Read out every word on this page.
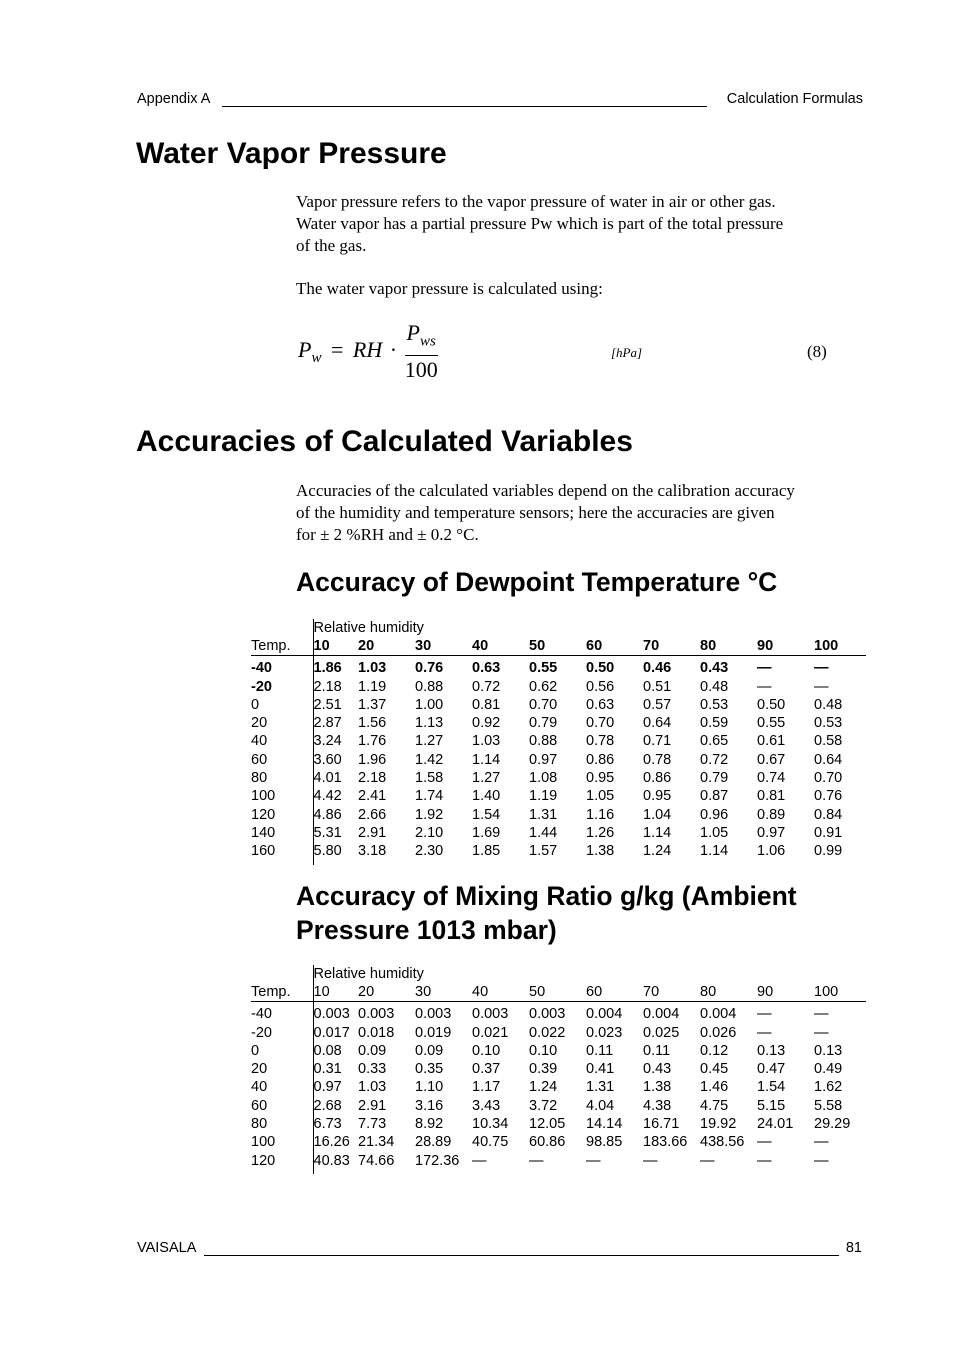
Appendix A	Calculation Formulas
Water Vapor Pressure

Vapor pressure refers to the vapor pressure of water in air or other gas.
Water vapor has a partial pressure Pw which is part of the total pressure
of the gas.

The water vapor pressure is calculated using:

$P_w$ = RH · $\frac{P_{ws}}{100}$	[hPa]	(8)
Accuracies of Calculated Variables

Accuracies of the calculated variables depend on the calibration accuracy
of the humidity and temperature sensors; here the accuracies are given
for ± 2 %RH and ± 0.2 °C.

Accuracy of Dewpoint Temperature °C
	Relative humidity									
Temp.	10	20	30	40	50	60	70	80	90	100
-40	1.86	1.03	0.76	0.63	0.55	0.50	0.46	0.43	—	—
-20	2.18	1.19	0.88	0.72	0.62	0.56	0.51	0.48	—	—
0	2.51	1.37	1.00	0.81	0.70	0.63	0.57	0.53	0.50	0.48
20	2.87	1.56	1.13	0.92	0.79	0.70	0.64	0.59	0.55	0.53
40	3.24	1.76	1.27	1.03	0.88	0.78	0.71	0.65	0.61	0.58
60	3.60	1.96	1.42	1.14	0.97	0.86	0.78	0.72	0.67	0.64
80	4.01	2.18	1.58	1.27	1.08	0.95	0.86	0.79	0.74	0.70
100	4.42	2.41	1.74	1.40	1.19	1.05	0.95	0.87	0.81	0.76
120	4.86	2.66	1.92	1.54	1.31	1.16	1.04	0.96	0.89	0.84
140	5.31	2.91	2.10	1.69	1.44	1.26	1.14	1.05	0.97	0.91
160	5.80	3.18	2.30	1.85	1.57	1.38	1.24	1.14	1.06	0.99

Accuracy of Mixing Ratio g/kg (Ambient
Pressure 1013 mbar)
	Relative humidity									
Temp.	10	20	30	40	50	60	70	80	90	100
-40	0.003	0.003	0.003	0.003	0.003	0.004	0.004	0.004	—	—
-20	0.017	0.018	0.019	0.021	0.022	0.023	0.025	0.026	—	—
0	0.08	0.09	0.09	0.10	0.10	0.11	0.11	0.12	0.13	0.13
20	0.31	0.33	0.35	0.37	0.39	0.41	0.43	0.45	0.47	0.49
40	0.97	1.03	1.10	1.17	1.24	1.31	1.38	1.46	1.54	1.62
60	2.68	2.91	3.16	3.43	3.72	4.04	4.38	4.75	5.15	5.58
80	6.73	7.73	8.92	10.34	12.05	14.14	16.71	19.92	24.01	29.29
100	16.26	21.34	28.89	40.75	60.86	98.85	183.66	438.56	—	—
120	40.83	74.66	172.36	—	—	—	—	—	—	—

VAISALA	81
